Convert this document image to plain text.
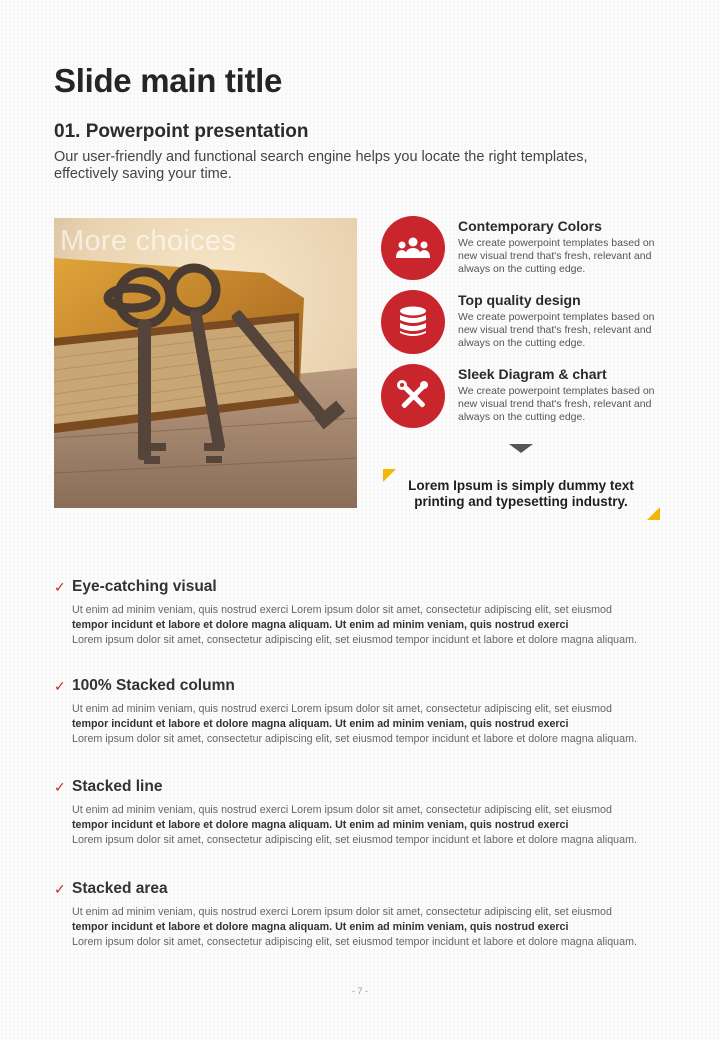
Slide main title
01. Powerpoint presentation

Our user-friendly and functional search engine helps you locate the right templates, effectively saving your time.

More choices	Contemporary Colors
We create powerpoint templates based on new visual trend that's fresh, relevant and always on the cutting edge.
Top quality design
We create powerpoint templates based on new visual trend that's fresh, relevant and always on the cutting edge.
Sleek Diagram & chart
We create powerpoint templates based on new visual trend that's fresh, relevant and always on the cutting edge.

Lorem Ipsum is simply dummy text printing and typesetting industry.

✓ Eye-catching visual

Ut enim ad minim veniam, quis nostrud exerci Lorem ipsum dolor sit amet, consectetur adipiscing elit, set eiusmod

tempor incidunt et labore et dolore magna aliquam. Ut enim ad minim veniam, quis nostrud exerci

Lorem ipsum dolor sit amet, consectetur adipiscing elit, set eiusmod tempor incidunt et labore et dolore magna aliquam.

✓ 100% Stacked column

Ut enim ad minim veniam, quis nostrud exerci Lorem ipsum dolor sit amet, consectetur adipiscing elit, set eiusmod

tempor incidunt et labore et dolore magna aliquam. Ut enim ad minim veniam, quis nostrud exerci

Lorem ipsum dolor sit amet, consectetur adipiscing elit, set eiusmod tempor incidunt et labore et dolore magna aliquam.

✓ Stacked line

Ut enim ad minim veniam, quis nostrud exerci Lorem ipsum dolor sit amet, consectetur adipiscing elit, set eiusmod

tempor incidunt et labore et dolore magna aliquam. Ut enim ad minim veniam, quis nostrud exerci

Lorem ipsum dolor sit amet, consectetur adipiscing elit, set eiusmod tempor incidunt et labore et dolore magna aliquam.

✓ Stacked area

Ut enim ad minim veniam, quis nostrud exerci Lorem ipsum dolor sit amet, consectetur adipiscing elit, set eiusmod

tempor incidunt et labore et dolore magna aliquam. Ut enim ad minim veniam, quis nostrud exerci

Lorem ipsum dolor sit amet, consectetur adipiscing elit, set eiusmod tempor incidunt et labore et dolore magna aliquam.

- 7 -
